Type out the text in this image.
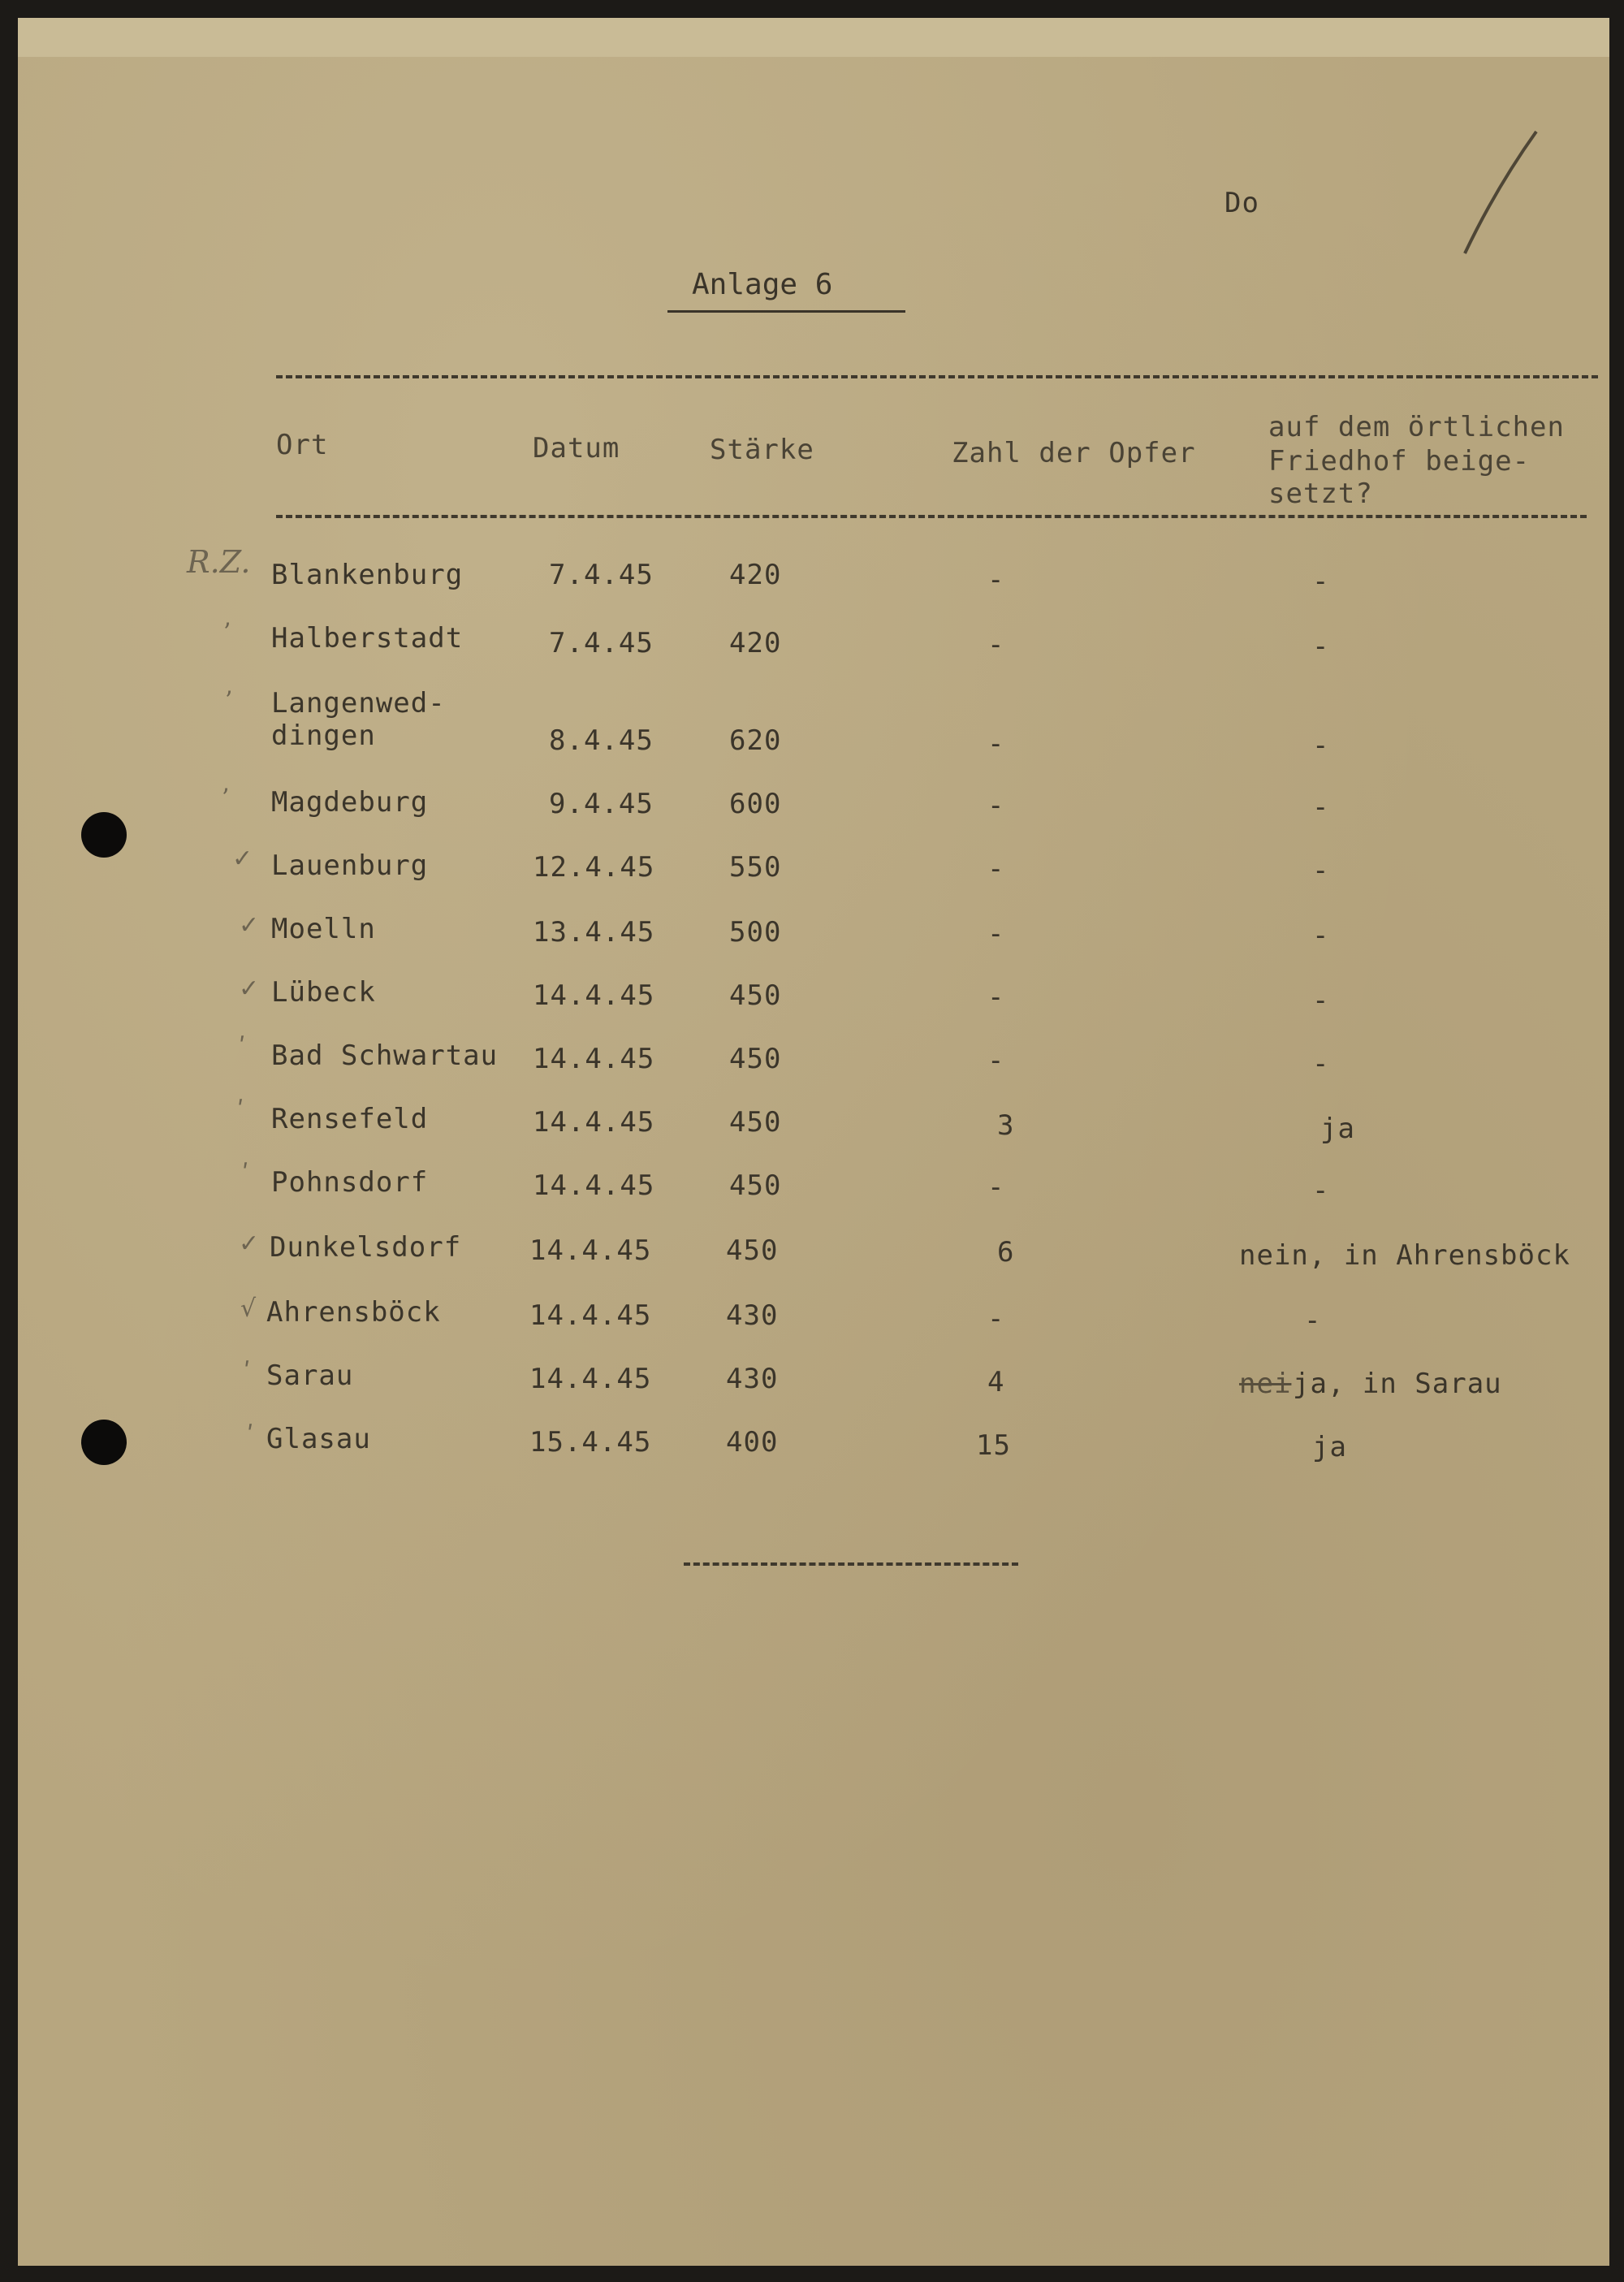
Do
Anlage 6
Ort	Datum	Stärke	Zahl der Opfer
auf dem örtlichen
Friedhof beige-
setzt?
R.Z. Blankenburg	7.4.45	420	-	-
ʼ Halberstadt	7.4.45	420	-	-
ʼ Langenwed-
dingen	8.4.45	620	-	-
ʼ Magdeburg	9.4.45	600	-	-
✓ Lauenburg	12.4.45	550	-	-
✓ Moelln	13.4.45	500	-	-
✓ Lübeck	14.4.45	450	-	-
ʹ Bad Schwartau 14.4.45	450	-	-
ʹ Rensefeld	14.4.45	450	3	ja
ʹ Pohnsdorf	14.4.45	450	-	-
✓ Dunkelsdorf 14.4.45	450	6	nein, in Ahrensböck
√ Ahrensböck	14.4.45	430	-	-
ʹ Sarau	14.4.45	430	4	nei ja, in Sarau
ʹ Glasau	15.4.45	400	15	ja
